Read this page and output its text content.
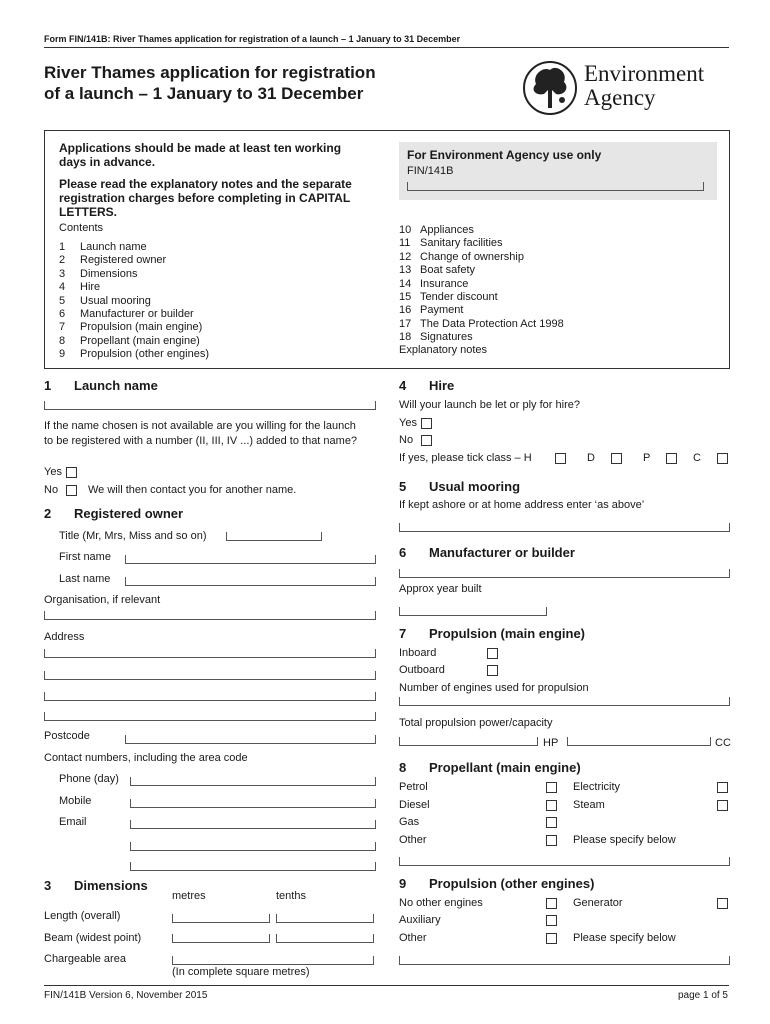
Form FIN/141B: River Thames application for registration of a launch – 1 January to 31 December
River Thames application for registration
of a launch – 1 January to 31 December
Environment
Agency
Applications should be made at least ten working days in advance.
Please read the explanatory notes and the separate registration charges before completing in CAPITAL LETTERS.
For Environment Agency use only
FIN/141B
Contents
1	Launch name
2	Registered owner
3	Dimensions
4	Hire
5	Usual mooring
6	Manufacturer or builder
7	Propulsion (main engine)
8	Propellant (main engine)
9	Propulsion (other engines)
10 Appliances
11 Sanitary facilities
12 Change of ownership
13 Boat safety
14 Insurance
15 Tender discount
16 Payment
17 The Data Protection Act 1998
18 Signatures
Explanatory notes
1 Launch name
If the name chosen is not available are you willing for the launch to be registered with a number (II, III, IV ...) added to that name?
Yes
No	We will then contact you for another name.
2 Registered owner
Title (Mr, Mrs, Miss and so on)
First name
Last name
Organisation, if relevant
Address
Postcode
Contact numbers, including the area code
Phone (day)
Mobile
Email
3 Dimensions
metres	tenths
Length (overall)
Beam (widest point)
Chargeable area
(In complete square metres)
4 Hire
Will your launch be let or ply for hire?
Yes
No
If yes, please tick class – H	D	P	C
5 Usual mooring
If kept ashore or at home address enter ‘as above’
6 Manufacturer or builder
Approx year built
7 Propulsion (main engine)
Inboard
Outboard
Number of engines used for propulsion
Total propulsion power/capacity
HP	CC
8 Propellant (main engine)
Petrol	Electricity
Diesel	Steam
Gas
Other	Please specify below
9 Propulsion (other engines)
No other engines	Generator
Auxiliary
Other	Please specify below
FIN/141B Version 6, November 2015	page 1 of 5
